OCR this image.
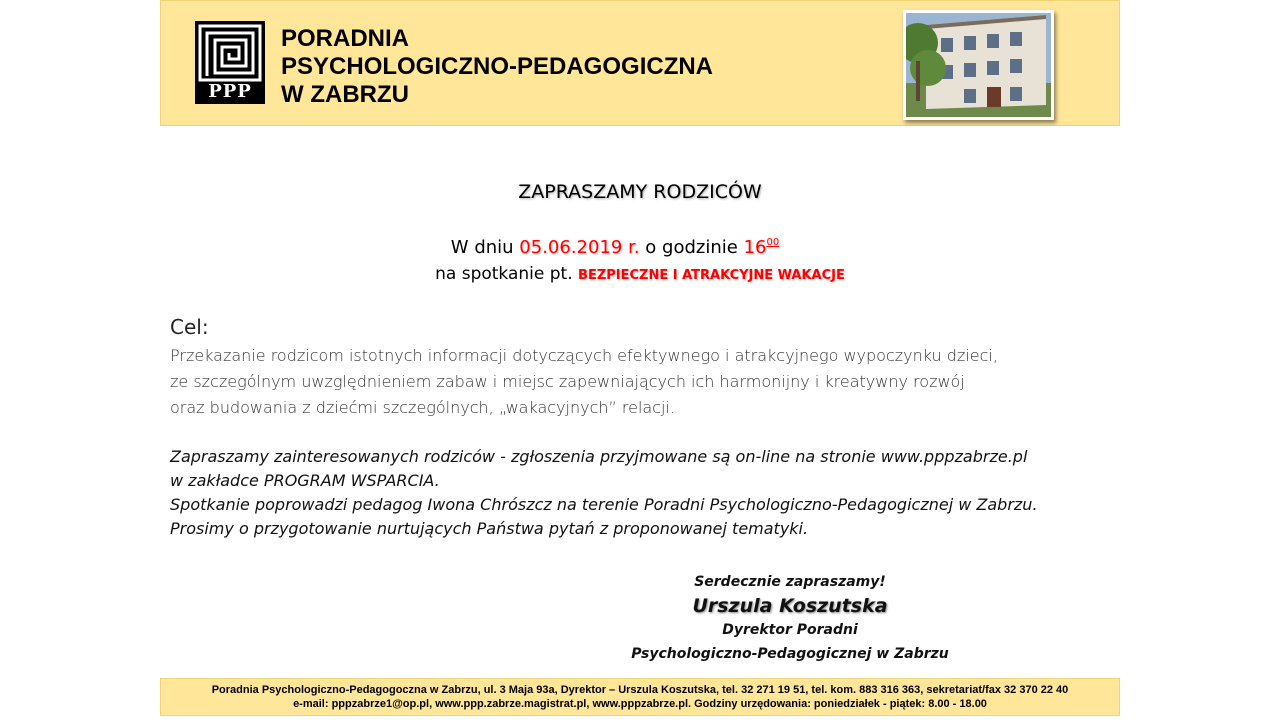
PPP
PORADNIA
PSYCHOLOGICZNO-PEDAGOGICZNA
W ZABRZU
ZAPRASZAMY RODZICÓW
W dniu 05.06.2019 r. o godzinie $16^{00}$
na spotkanie pt. BEZPIECZNE I ATRAKCYJNE WAKACJE
Cel:
Przekazanie rodzicom istotnych informacji dotyczących efektywnego i atrakcyjnego wypoczynku dzieci,
ze szczególnym uwzględnieniem zabaw i miejsc zapewniających ich harmonijny i kreatywny rozwój
oraz budowania z dziećmi szczególnych, „wakacyjnych” relacji.
Zapraszamy zainteresowanych rodziców - zgłoszenia przyjmowane są on-line na stronie www.pppzabrze.pl
w zakładce PROGRAM WSPARCIA.
Spotkanie poprowadzi pedagog Iwona Chrószcz na terenie Poradni Psychologiczno-Pedagogicznej w Zabrzu.
Prosimy o przygotowanie nurtujących Państwa pytań z proponowanej tematyki.
Serdecznie zapraszamy!
Urszula Koszutska
Dyrektor Poradni
Psychologiczno-Pedagogicznej w Zabrzu
Poradnia Psychologiczno-Pedagogoczna w Zabrzu, ul. 3 Maja 93a, Dyrektor – Urszula Koszutska, tel. 32 271 19 51, tel. kom. 883 316 363, sekretariat/fax 32 370 22 40
e-mail: pppzabrze1@op.pl, www.ppp.zabrze.magistrat.pl, www.pppzabrze.pl. Godziny urzędowania: poniedziałek - piątek: 8.00 - 18.00
